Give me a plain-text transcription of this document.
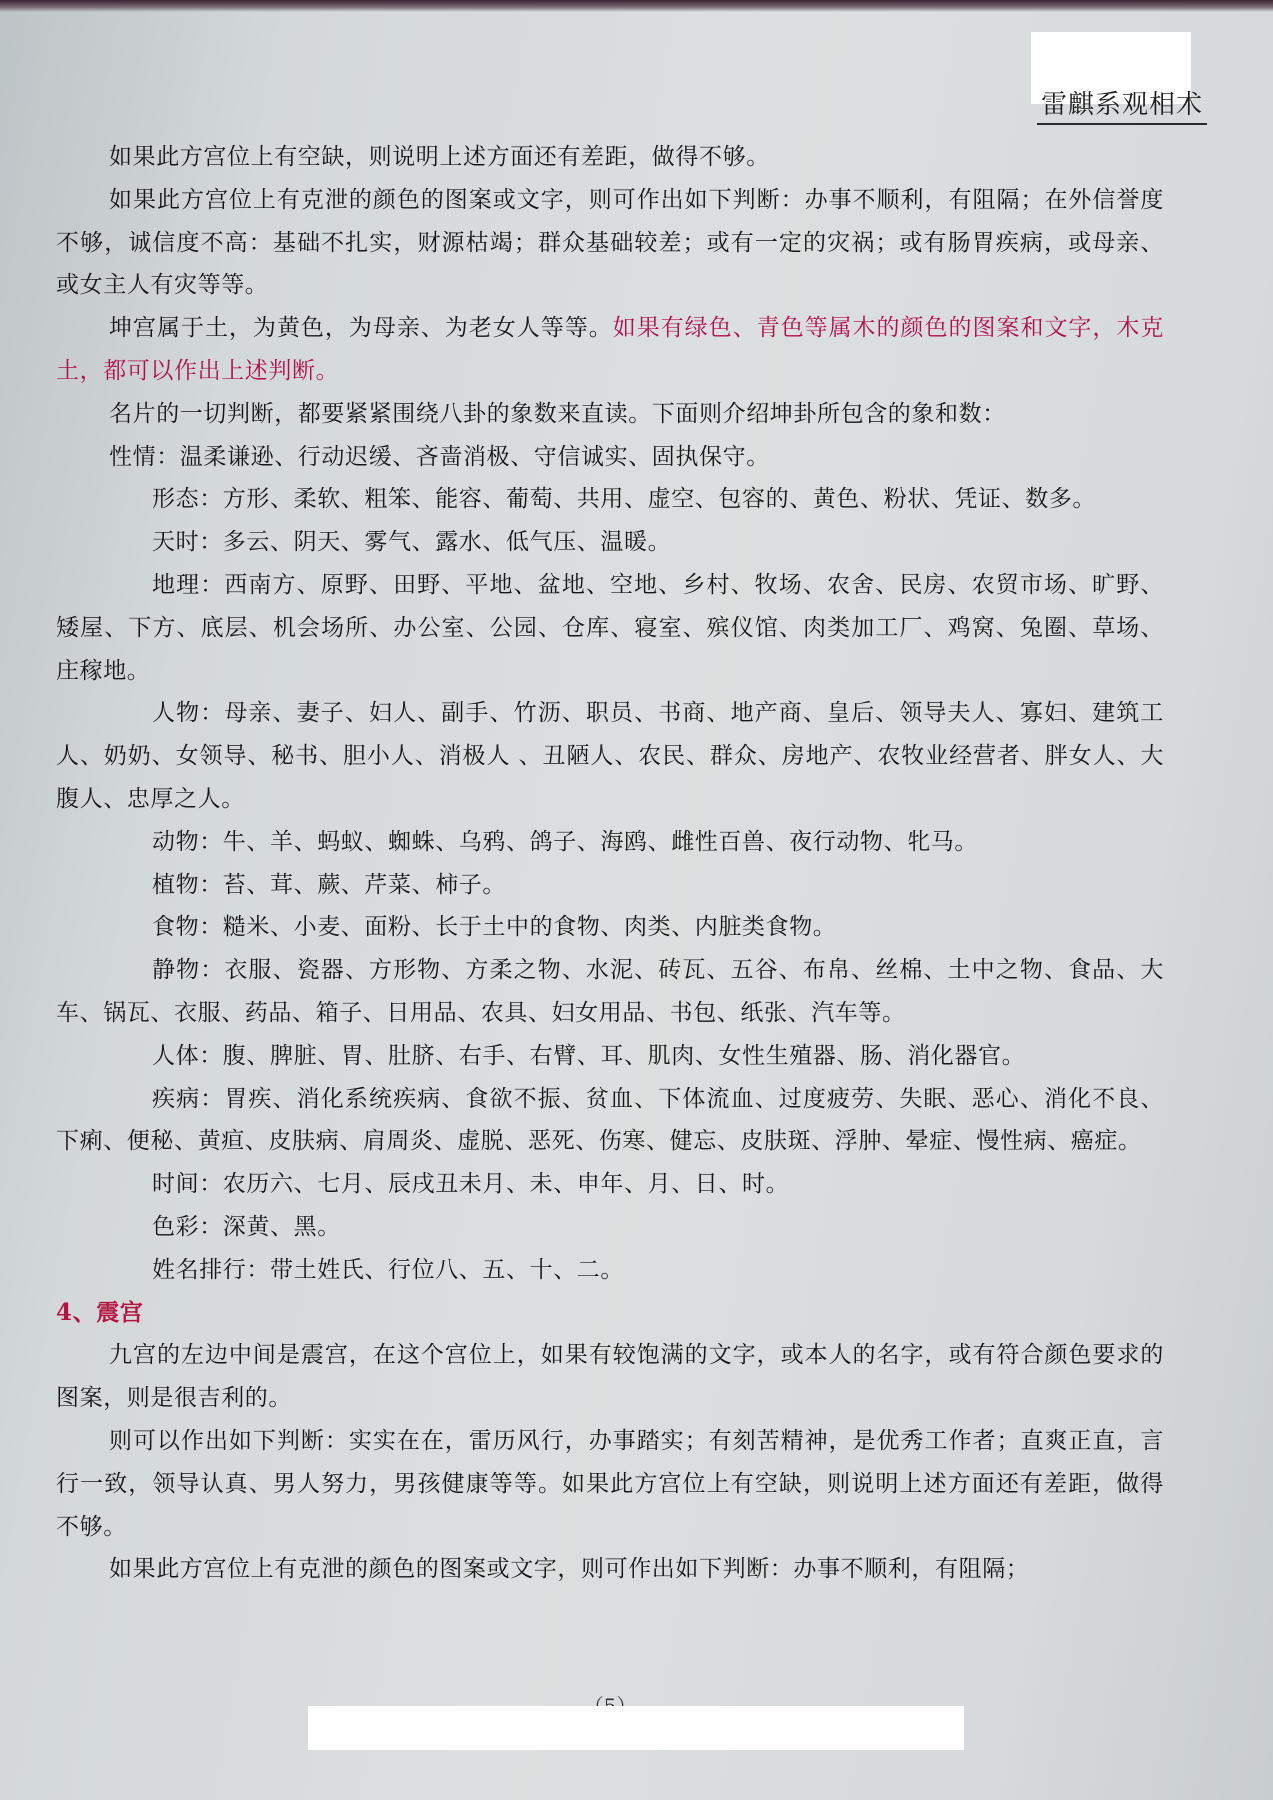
雷麒系观相术

如果此方宫位上有空缺，则说明上述方面还有差距，做得不够。

如果此方宫位上有克泄的颜色的图案或文字，则可作出如下判断：办事不顺利，有阻隔；在外信誉度不够，诚信度不高：基础不扎实，财源枯竭；群众基础较差；或有一定的灾祸；或有肠胃疾病，或母亲、或女主人有灾等等。

坤宫属于土，为黄色，为母亲、为老女人等等。如果有绿色、青色等属木的颜色的图案和文字，木克土，都可以作出上述判断。

名片的一切判断，都要紧紧围绕八卦的象数来直读。下面则介绍坤卦所包含的象和数：

性情：温柔谦逊、行动迟缓、吝啬消极、守信诚实、固执保守。

形态：方形、柔软、粗笨、能容、葡萄、共用、虚空、包容的、黄色、粉状、凭证、数多。

天时：多云、阴天、雾气、露水、低气压、温暖。

地理：西南方、原野、田野、平地、盆地、空地、乡村、牧场、农舍、民房、农贸市场、旷野、矮屋、下方、底层、机会场所、办公室、公园、仓库、寝室、殡仪馆、肉类加工厂、鸡窝、兔圈、草场、庄稼地。

人物：母亲、妻子、妇人、副手、竹沥、职员、书商、地产商、皇后、领导夫人、寡妇、建筑工人、奶奶、女领导、秘书、胆小人、消极人 、丑陋人、农民、群众、房地产、农牧业经营者、胖女人、大腹人、忠厚之人。

动物：牛、羊、蚂蚁、蜘蛛、乌鸦、鸽子、海鸥、雌性百兽、夜行动物、牝马。

植物：苔、茸、蕨、芹菜、柿子。

食物：糙米、小麦、面粉、长于土中的食物、肉类、内脏类食物。

静物：衣服、瓷器、方形物、方柔之物、水泥、砖瓦、五谷、布帛、丝棉、土中之物、食品、大车、锅瓦、衣服、药品、箱子、日用品、农具、妇女用品、书包、纸张、汽车等。

人体：腹、脾脏、胃、肚脐、右手、右臂、耳、肌肉、女性生殖器、肠、消化器官。

疾病：胃疾、消化系统疾病、食欲不振、贫血、下体流血、过度疲劳、失眠、恶心、消化不良、下痢、便秘、黄疸、皮肤病、肩周炎、虚脱、恶死、伤寒、健忘、皮肤斑、浮肿、晕症、慢性病、癌症。

时间：农历六、七月、辰戌丑未月、未、申年、月、日、时。

色彩：深黄、黑。

姓名排行：带土姓氏、行位八、五、十、二。

4、震宫

九宫的左边中间是震宫，在这个宫位上，如果有较饱满的文字，或本人的名字，或有符合颜色要求的图案，则是很吉利的。

则可以作出如下判断：实实在在，雷历风行，办事踏实；有刻苦精神，是优秀工作者；直爽正直，言行一致，领导认真、男人努力，男孩健康等等。如果此方宫位上有空缺，则说明上述方面还有差距，做得不够。

如果此方宫位上有克泄的颜色的图案或文字，则可作出如下判断：办事不顺利，有阻隔；
